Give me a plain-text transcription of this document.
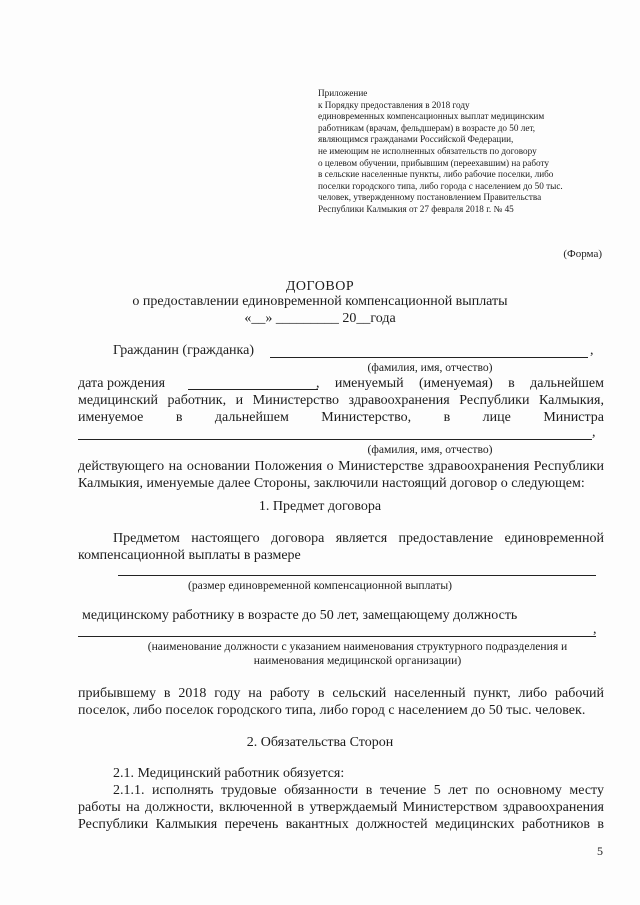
Приложение
к Порядку предоставления в 2018 году
единовременных компенсационных выплат медицинским
работникам (врачам, фельдшерам) в возрасте до 50 лет,
являющимся гражданами Российской Федерации,
не имеющим не исполненных обязательств по договору
о целевом обучении, прибывшим (переехавшим) на работу
в сельские населенные пункты, либо рабочие поселки, либо
поселки городского типа, либо города с населением до 50 тыс.
человек, утвержденному постановлением Правительства
Республики Калмыкия от 27 февраля 2018 г. № 45
(Форма)
ДОГОВОР
о предоставлении единовременной компенсационной выплаты
«__» _________ 20__года
Гражданин (гражданка)	,
(фамилия, имя, отчество)
дата рождения	, именуемый (именуемая) в дальнейшем
медицинский работник, и Министерство здравоохранения Республики Калмыкия,
именуемое в дальнейшем Министерство, в лице Министра
,
(фамилия, имя, отчество)
действующего на основании Положения о Министерстве здравоохранения Республики
Калмыкия, именуемые далее Стороны, заключили настоящий договор о следующем:
1. Предмет договора
Предметом настоящего договора является предоставление единовременной
компенсационной выплаты в размере
(размер единовременной компенсационной выплаты)
медицинскому работнику в возрасте до 50 лет, замещающему должность
,
(наименование должности с указанием наименования структурного подразделения и
наименования медицинской организации)
прибывшему в 2018 году на работу в сельский населенный пункт, либо рабочий
поселок, либо поселок городского типа, либо город с населением до 50 тыс. человек.
2. Обязательства Сторон
2.1. Медицинский работник обязуется:
2.1.1. исполнять трудовые обязанности в течение 5 лет по основному месту
работы на должности, включенной в утверждаемый Министерством здравоохранения
Республики Калмыкия перечень вакантных должностей медицинских работников в
5
